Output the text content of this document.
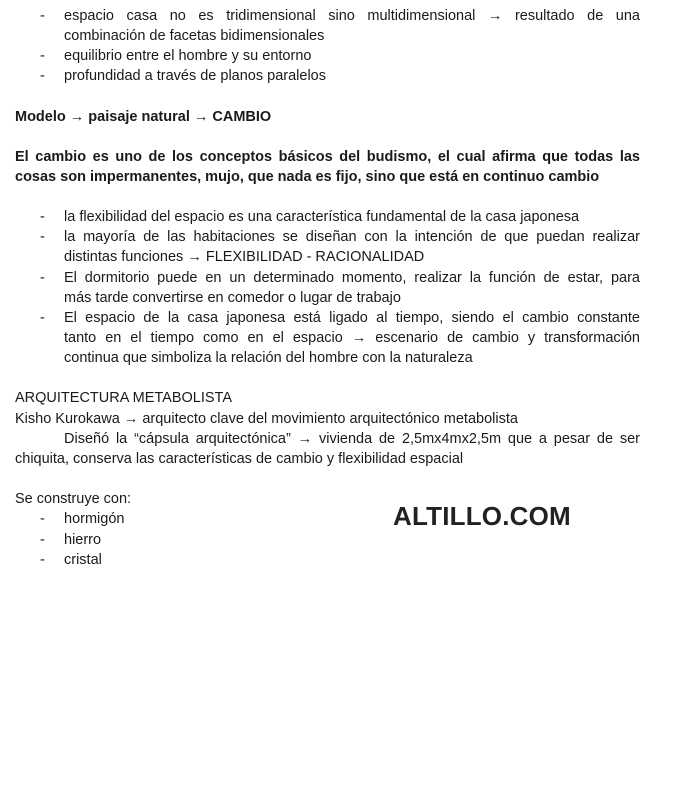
- espacio casa no es tridimensional sino multidimensional → resultado de una
combinación de facetas bidimensionales
- equilibrio entre el hombre y su entorno
- profundidad a través de planos paralelos
Modelo → paisaje natural → CAMBIO
El cambio es uno de los conceptos básicos del budismo, el cual afirma que todas las
cosas son impermanentes, mujo, que nada es fijo, sino que está en continuo cambio
- la flexibilidad del espacio es una característica fundamental de la casa japonesa
- la mayoría de las habitaciones se diseñan con la intención de que puedan realizar
distintas funciones → FLEXIBILIDAD - RACIONALIDAD
- El dormitorio puede en un determinado momento, realizar la función de estar, para
más tarde convertirse en comedor o lugar de trabajo
- El espacio de la casa japonesa está ligado al tiempo, siendo el cambio constante
tanto en el tiempo como en el espacio → escenario de cambio y transformación
continua que simboliza la relación del hombre con la naturaleza
ARQUITECTURA METABOLISTA
Kisho Kurokawa → arquitecto clave del movimiento arquitectónico metabolista
Diseñó la “cápsula arquitectónica” → vivienda de 2,5mx4mx2,5m que a pesar de ser
chiquita, conserva las características de cambio y flexibilidad espacial
Se construye con:
- hormigón
- hierro
- cristal
ALTILLO.COM
